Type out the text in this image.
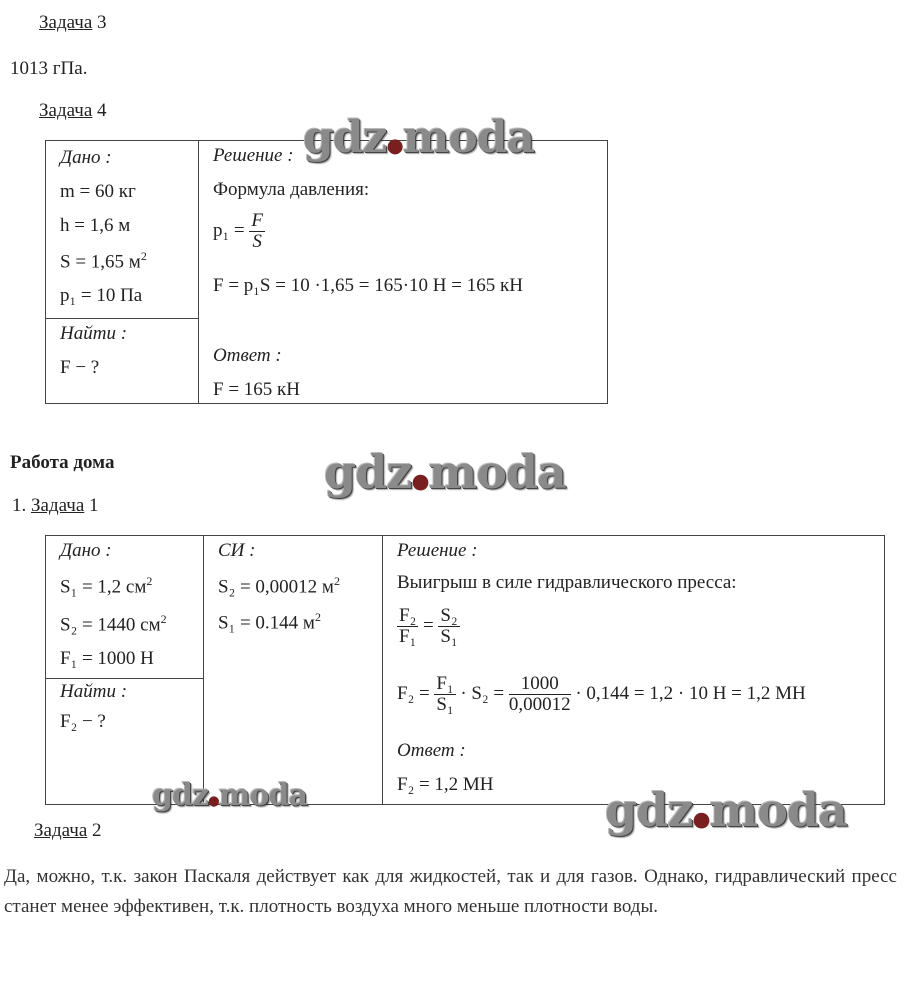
Задача 3
1013 гПа.
Задача 4
Дано :
m = 60 кг
h = 1,6 м
S = 1,65 $м^2$
p₁ = 10 Па

Решение :
Формула давления:
$p_1 = \frac{F}{S}$
F = p₁S = 10 ·1,65 = 165·10 Н = 165 кН
Ответ :
F = 165 кН

Найти :
F − ?
Работа дома
1. Задача 1
Дано :
S₁ = 1,2 $см^2$
S₂ = 1440 $см^2$
F₁ = 1000 Н

СИ :
S₂ = 0,00012 $м^2$
S₁ = 0.144 $м^2$

Решение :
Выигрыш в силе гидравлического пресса:
$\frac{\text{F₂}}{\text{F₁}} = \frac{\text{S₂}}{\text{S₁}}$
$F_2 = \frac{\text{F₁}}{\text{S₁}} \cdot S_2 = \frac{1000}{0,00012} \cdot 0,144 = 1,2 \cdot 10$ Н = 1,2 МН
Ответ :
F₂ = 1,2 МН

Найти :
F₂ − ?
Задача 2
Да, можно, т.к. закон Паскаля действует как для жидкостей, так и для газов. Однако, гидравлический пресс станет менее эффективен, т.к. плотность воздуха много меньше плотности воды.
gdz●moda
gdz●moda
gdz●moda	gdz●moda
